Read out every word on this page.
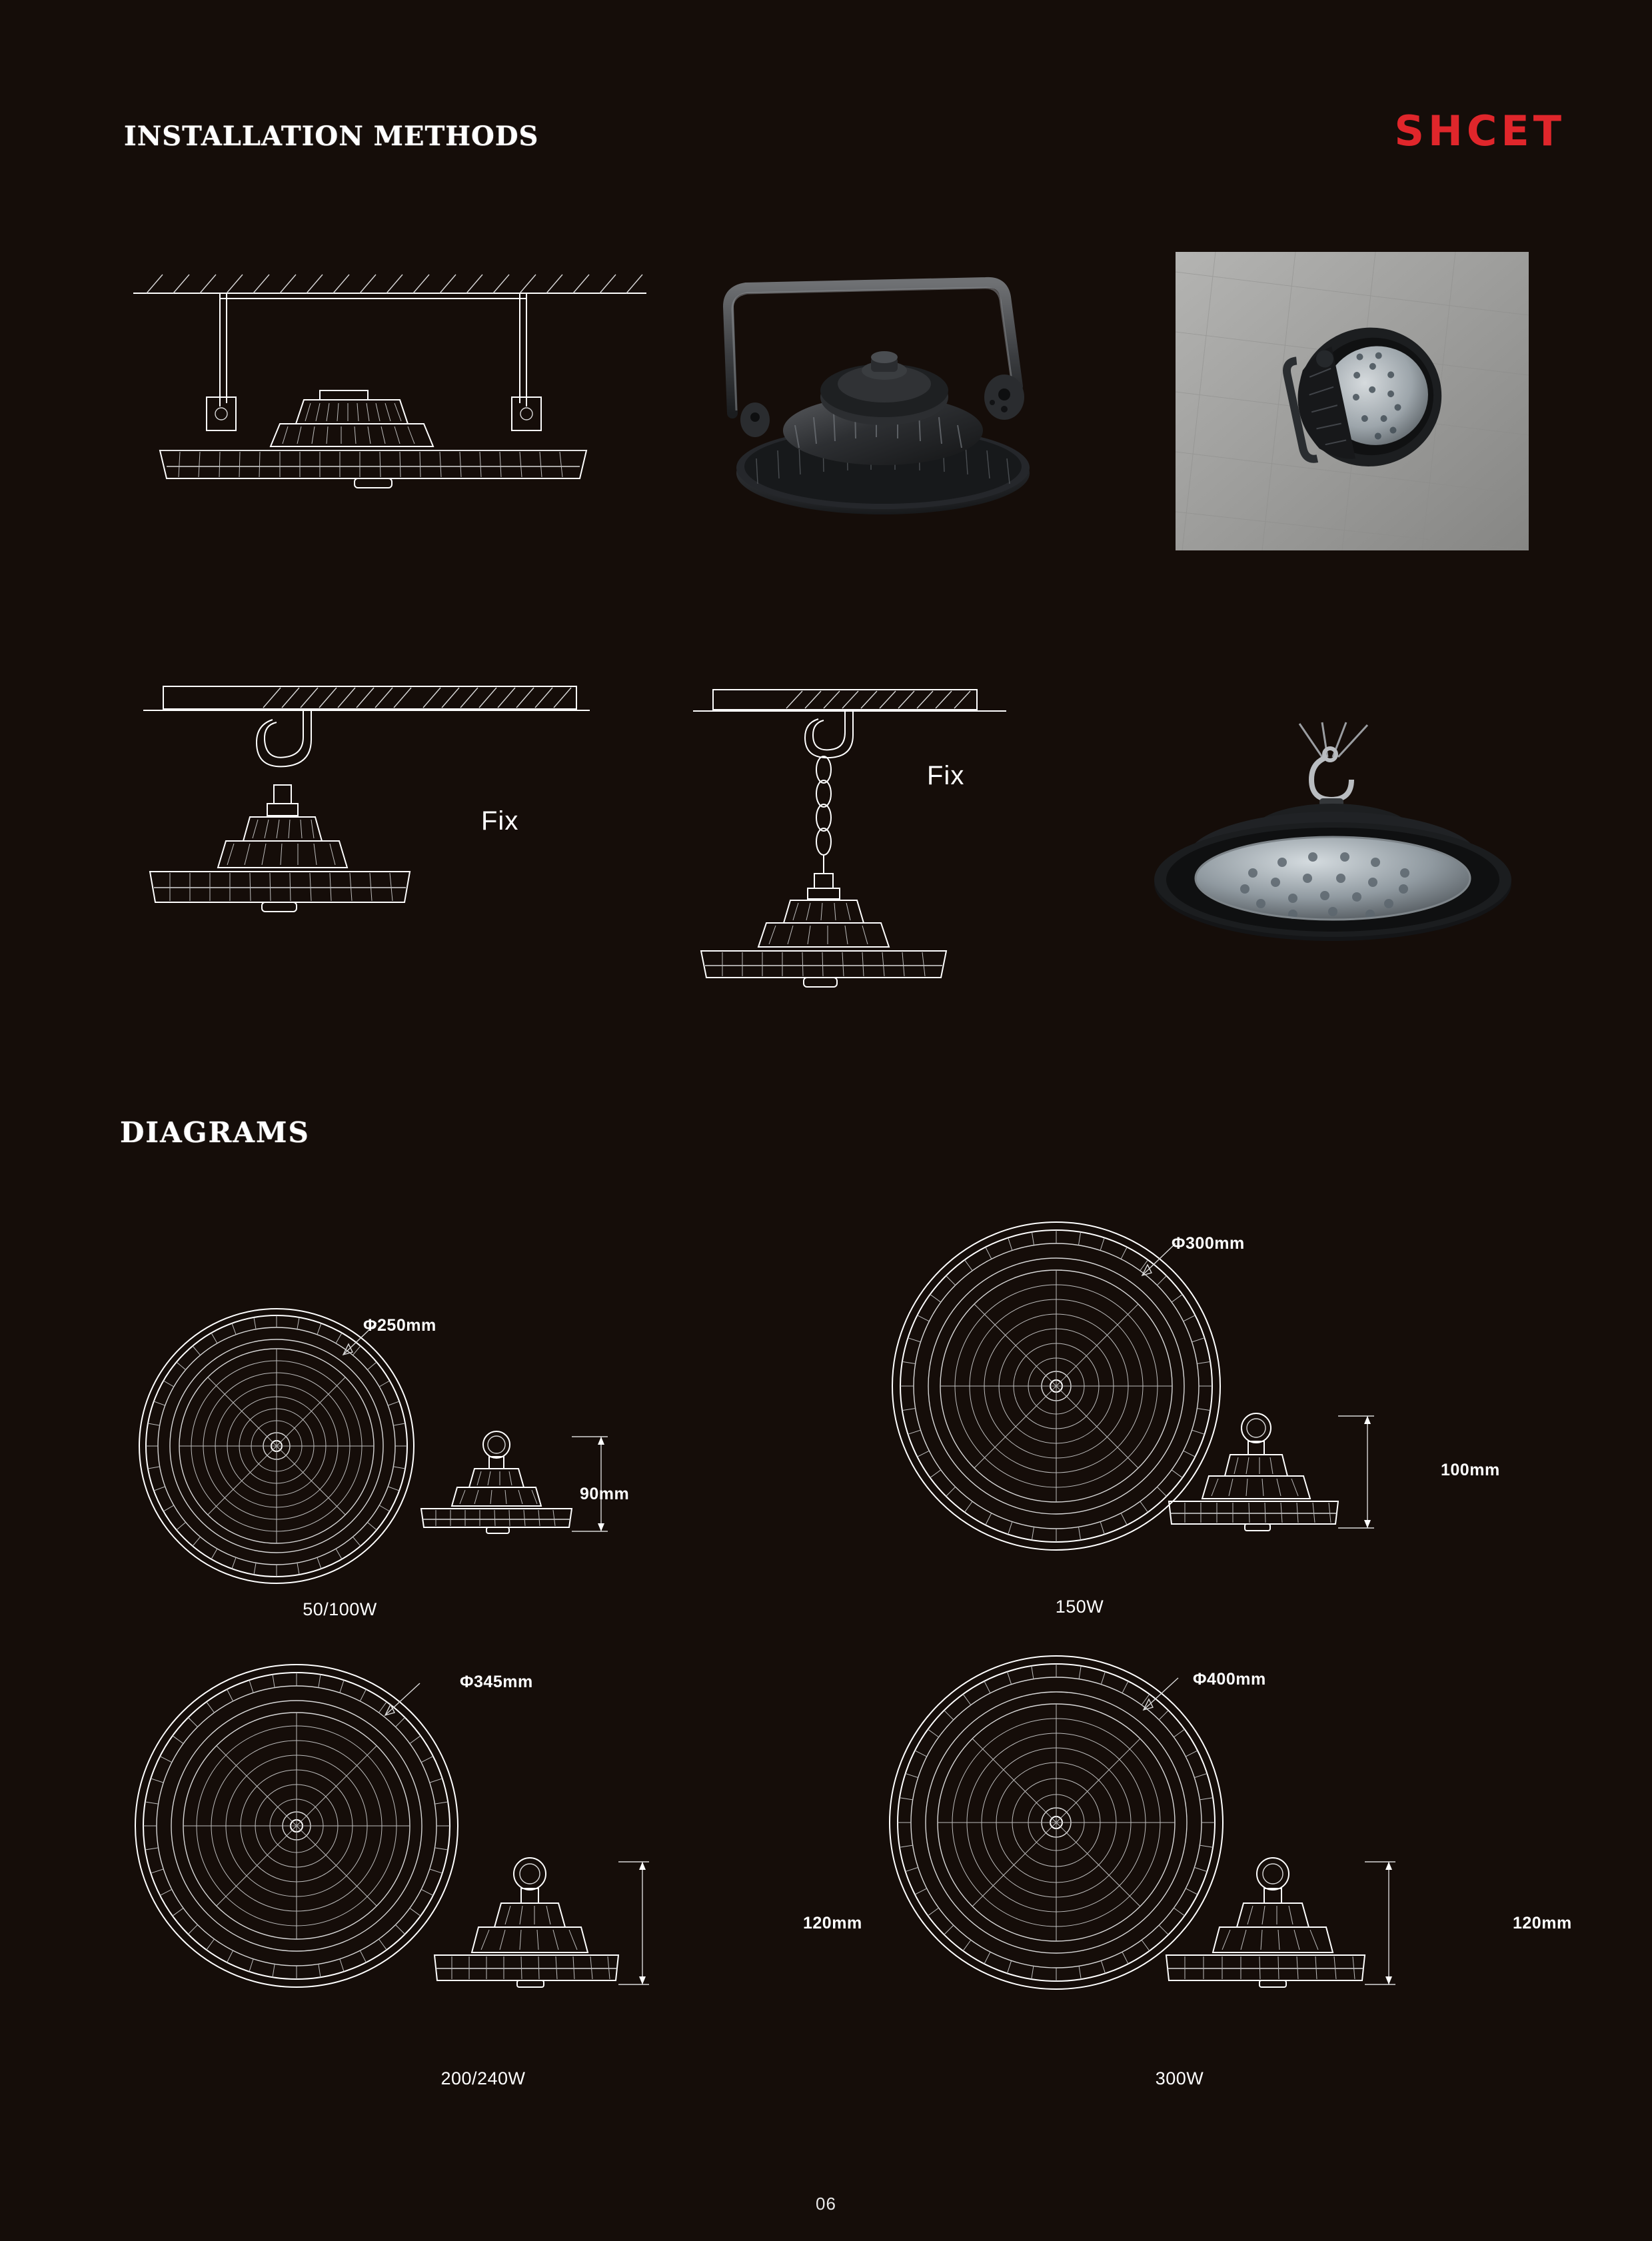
INSTALLATION METHODS	SHCET
Fix
Fix
DIAGRAMS
Φ250mm
90mm
50/100W
Φ300mm
100mm
150W
Φ345mm
120mm
200/240W
Φ400mm
120mm
300W
06
